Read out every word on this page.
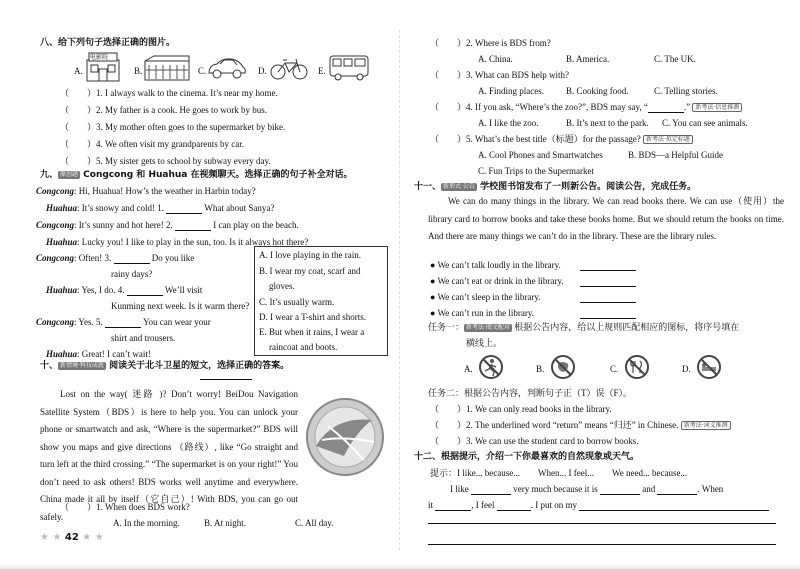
八、给下列句子选择正确的图片。
A.
电影院
B.	C.	D.	E.
（　　）1. I always walk to the cinema. It’s near my home.
（　　）2. My father is a cook. He goes to work by bus.
（　　）3. My mother often goes to the supermarket by bike.
（　　）4. We often visit my grandparents by car.
（　　）5. My sister gets to school by subway every day.
九、 原创题 Congcong 和 Huahua 在视频聊天。选择正确的句子补全对话。
Congcong: Hi, Huahua! How’s the weather in Harbin today?
Huahua: It’s snowy and cold! 1.	What about Sanya?
Congcong: It’s sunny and hot here! 2.	I can play on the beach.
Huahua: Lucky you! I like to play in the sun, too. Is it always hot there?
Congcong: Often! 3.	Do you like
rainy days?
Huahua: Yes, I do. 4.	We’ll visit
Kunming next week. Is it warm there?
Congcong: Yes. 5.	You can wear your
shirt and trousers.
Huahua: Great! I can’t wait!
A. I love playing in the rain.
B. I wear my coat, scarf and
gloves.
C. It’s usually warm.
D. I wear a T-shirt and shorts.
E. But when it rains, I wear a
raincoat and boots.
十、 新情境·科技成就 阅读关于北斗卫星的短文，选择正确的答案。
Lost on the way( 迷路 )? Don’t worry! BeiDou Navigation Satellite System（BDS）is here to help you. You can unlock your phone or smartwatch and ask, “Where is the supermarket?” BDS will show you maps and give directions （路线）, like “Go straight and turn left at the third crossing.” “The supermarket is on your right!” You don’t need to ask others! BDS works well anytime and everywhere. China made it all by itself（它自己）! With BDS, you can go out safely.
（　　）1. When does BDS work?
A. In the morning.	B. At night.	C. All day.
★ ★ 42 ★ ★
（　　）2. Where is BDS from?
A. China.	B. America.	C. The UK.
（　　）3. What can BDS help with?
A. Finding places. B. Cooking food.	C. Telling stories.
（　　）4. If you ask, “Where’s the zoo?”, BDS may say, “	.” 新考法·信息推测
A. I like the zoo.	B. It’s next to the park. C. You can see animals.
（　　）5. What’s the best title（标题）for the passage? 新考法·拟定标题
A. Cool Phones and Smartwatches	B. BDS—a Helpful Guide
C. Fun Trips to the Supermarket
十一、 新形式·公告 学校图书馆发布了一则新公告。阅读公告，完成任务。
We can do many things in the library. We can read books there. We can use（使用）the library card to borrow books and take these books home. But we should return the books on time. And there are many things we can’t do in the library. These are the library rules.
● We can’t talk loudly in the library.
● We can’t eat or drink in the library.
● We can’t sleep in the library.
● We can’t run in the library.
任务一： 新考法·图文配对 根据公告内容，给以上规则匹配相应的图标，将序号填在
横线上。
A.	B.	C.	D.
任务二：根据公告内容，判断句子正（T）误（F）。
（　　）1. We can only read books in the library.
（　　）2. The underlined word “return” means “归还” in Chinese. 新考法·词义推测
（　　）3. We can use the student card to borrow books.
十二、根据提示，介绍一下你最喜欢的自然现象或天气。
提示：I like... because...　　When... I feel...　　We need... because...
I like	very much because it is	and	. When
it	, I feel	. I put on my
